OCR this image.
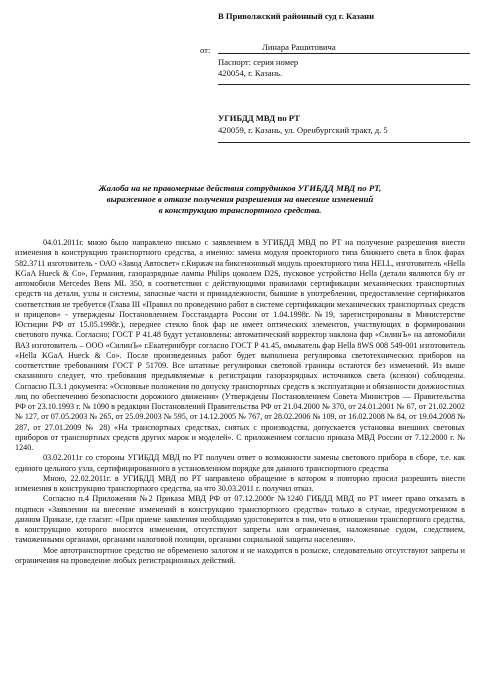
В Приволжский районный суд г. Казани
от:	Линара Рашитовича
Паспорт: серия номер
420054, г. Казань.
УГИБДД МВД по РТ
420059, г. Казань, ул. Оренбургский тракт, д. 5
Жалоба на не правомерные действия сотрудников УГИБДД МВД по РТ,
выраженное в отказе получения разрешения на внесение изменений
в конструкцию транспортного средства.

04.01.2011г. мною было направлено письмо с заявлением в УГИБДД МВД по РТ на получение разрешения внести изменения в конструкцию транспортного средства, а именно: замена модуля проекторного типа ближнего света в блок фарах 582.3711 изготовитель - ОАО «Завод Автосвет» г.Киржач на биксеноновый модуль проекторного типа HELL, изготовитель «Hella KGaA Hueck & Co», Германия, газоразрядные лампы Philips цоколем D2S, пусковое устройство Hella (детали являются б/у от автомобиля Mercedes Bens ML 350, в соответствии с действующими правилами сертификации механических транспортных средств на детали, узлы и системы, запасные части и принадлежности, бывшие в употреблении, предоставление сертификатов соответствия не требуется (Глава III «Правил по проведению работ в системе сертификации механических транспортных средств и прицепов» - утверждены Постановлением Госстандарта России от 1.04.1998г. №19, зарегистрированы в Министерстве Юстиции РФ от 15.05.1998г.), переднее стекло блок фар не имеет оптических элементов, участвующих в формировании светового пучка. Согласно; ГОСТ Р 41.48 будут установлены: автоматический корректор наклона фар «СилинЪ» на автомобили ВАЗ изготовитель – ООО «СилинЪ» г.Екатеринбург согласно ГОСТ Р 41.45, омыватель фар Hella 8WS 008 549-001 изготовитель «Hella KGaA Hueck & Co». После произведенных работ будет выполнена регулировка светотехнических приборов на соответствие требованиям ГОСТ Р 51709. Все штатные регулировки световой границы остаются без изменений. Из выше сказанного следует, что требования предъявляемые к регистрации газоразрядных источников света (ксенон) соблюдены. Согласно П.3.1 документа: «Основные положения по допуску транспортных средств к эксплуатации и обязанности должностных лиц по обеспечению безопасности дорожного движения» (Утверждены Постановлением Совета Министров — Правительства РФ от 23.10.1993 г. № 1090 в редакции Постановлений Правительства РФ от 21.04.2000 № 370, от 24.01.2001 № 67, от 21.02.2002 № 127, от 07.05.2003 № 265, от 25.09.2003 № 595, от 14.12.2005 № 767, от 28.02.2006 № 109, от 16.02.2008 № 84, от 19.04.2008 № 287, от 27.01.2009 № 28) «На транспортных средствах, снятых с производства, допускается установка внешних световых приборов от транспортных средств других марок и моделей». С приложением согласно приказа МВД России от 7.12.2000 г. № 1240.

03.02.2011г со стороны УГИБДД МВД по РТ получен ответ о возможности замены светового прибора в сборе, т.е. как единого цельного узла, сертифицированного в установленном порядке для данного транспортного средства

Мною, 22.02.2011г. в УГИБДД МВД по РТ направлено обращение в котором я повторно просил разрешить внести изменения в конструкцию транспортного средства, на что 30.03.2011 г. получил отказ.

Согласно п.4 Приложения №2 Приказа МВД РФ от 07.12.2000г №1240 ГИБДД МВД по РТ имеет право отказать в подписи «Заявления на внесение изменений в конструкцию транспортного средства» только в случае, предусмотренном в данном Приказе, где гласит: «При приеме заявления необходимо удостоверится в том, что в отношении транспортного средства, в конструкцию которого вносятся изменения, отсутствуют запреты или ограничения, наложенные судом, следствием, таможенными органами, органами налоговой полиции, органами социальной защиты населения».

Мое автотранспортное средство не обременено залогом и не находится в розыске, следовательно отсутствуют запреты и ограничения на проведение любых регистрационных действий.
